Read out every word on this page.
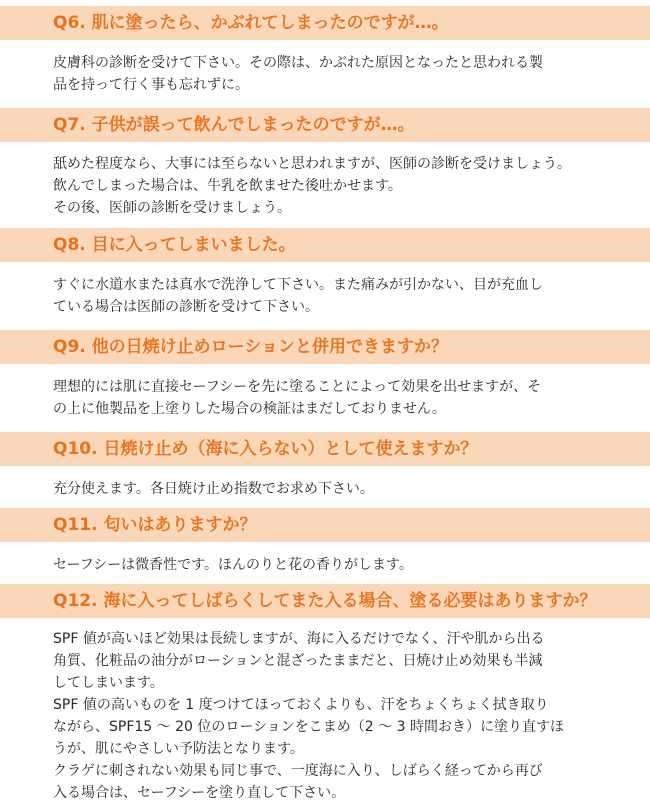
Q6. 肌に塗ったら、かぶれてしまったのですが…。

皮膚科の診断を受けて下さい。その際は、かぶれた原因となったと思われる製

品を持って行く事も忘れずに。

Q7. 子供が誤って飲んでしまったのですが…。

舐めた程度なら、大事には至らないと思われますが、医師の診断を受けましょう。

飲んでしまった場合は、牛乳を飲ませた後吐かせます。

その後、医師の診断を受けましょう。

Q8. 目に入ってしまいました。

すぐに水道水または真水で洗浄して下さい。また痛みが引かない、目が充血し

ている場合は医師の診断を受けて下さい。

Q9. 他の日焼け止めローションと併用できますか？

理想的には肌に直接セーフシーを先に塗ることによって効果を出せますが、そ

の上に他製品を上塗りした場合の検証はまだしておりません。

Q10. 日焼け止め（海に入らない）として使えますか？

充分使えます。各日焼け止め指数でお求め下さい。

Q11. 匂いはありますか？

セーフシーは微香性です。ほんのりと花の香りがします。

Q12. 海に入ってしばらくしてまた入る場合、塗る必要はありますか？

SPF 値が高いほど効果は長続しますが、海に入るだけでなく、汗や肌から出る

角質、化粧品の油分がローションと混ざったままだと、日焼け止め効果も半減

してしまいます。

SPF 値の高いものを 1 度つけてほっておくよりも、汗をちょくちょく拭き取り

ながら、SPF15 ～ 20 位のローションをこまめ（2 ～ 3 時間おき）に塗り直すほ

うが、肌にやさしい予防法となります。

クラゲに刺されない効果も同じ事で、一度海に入り、しばらく経ってから再び

入る場合は、セーフシーを塗り直して下さい。
